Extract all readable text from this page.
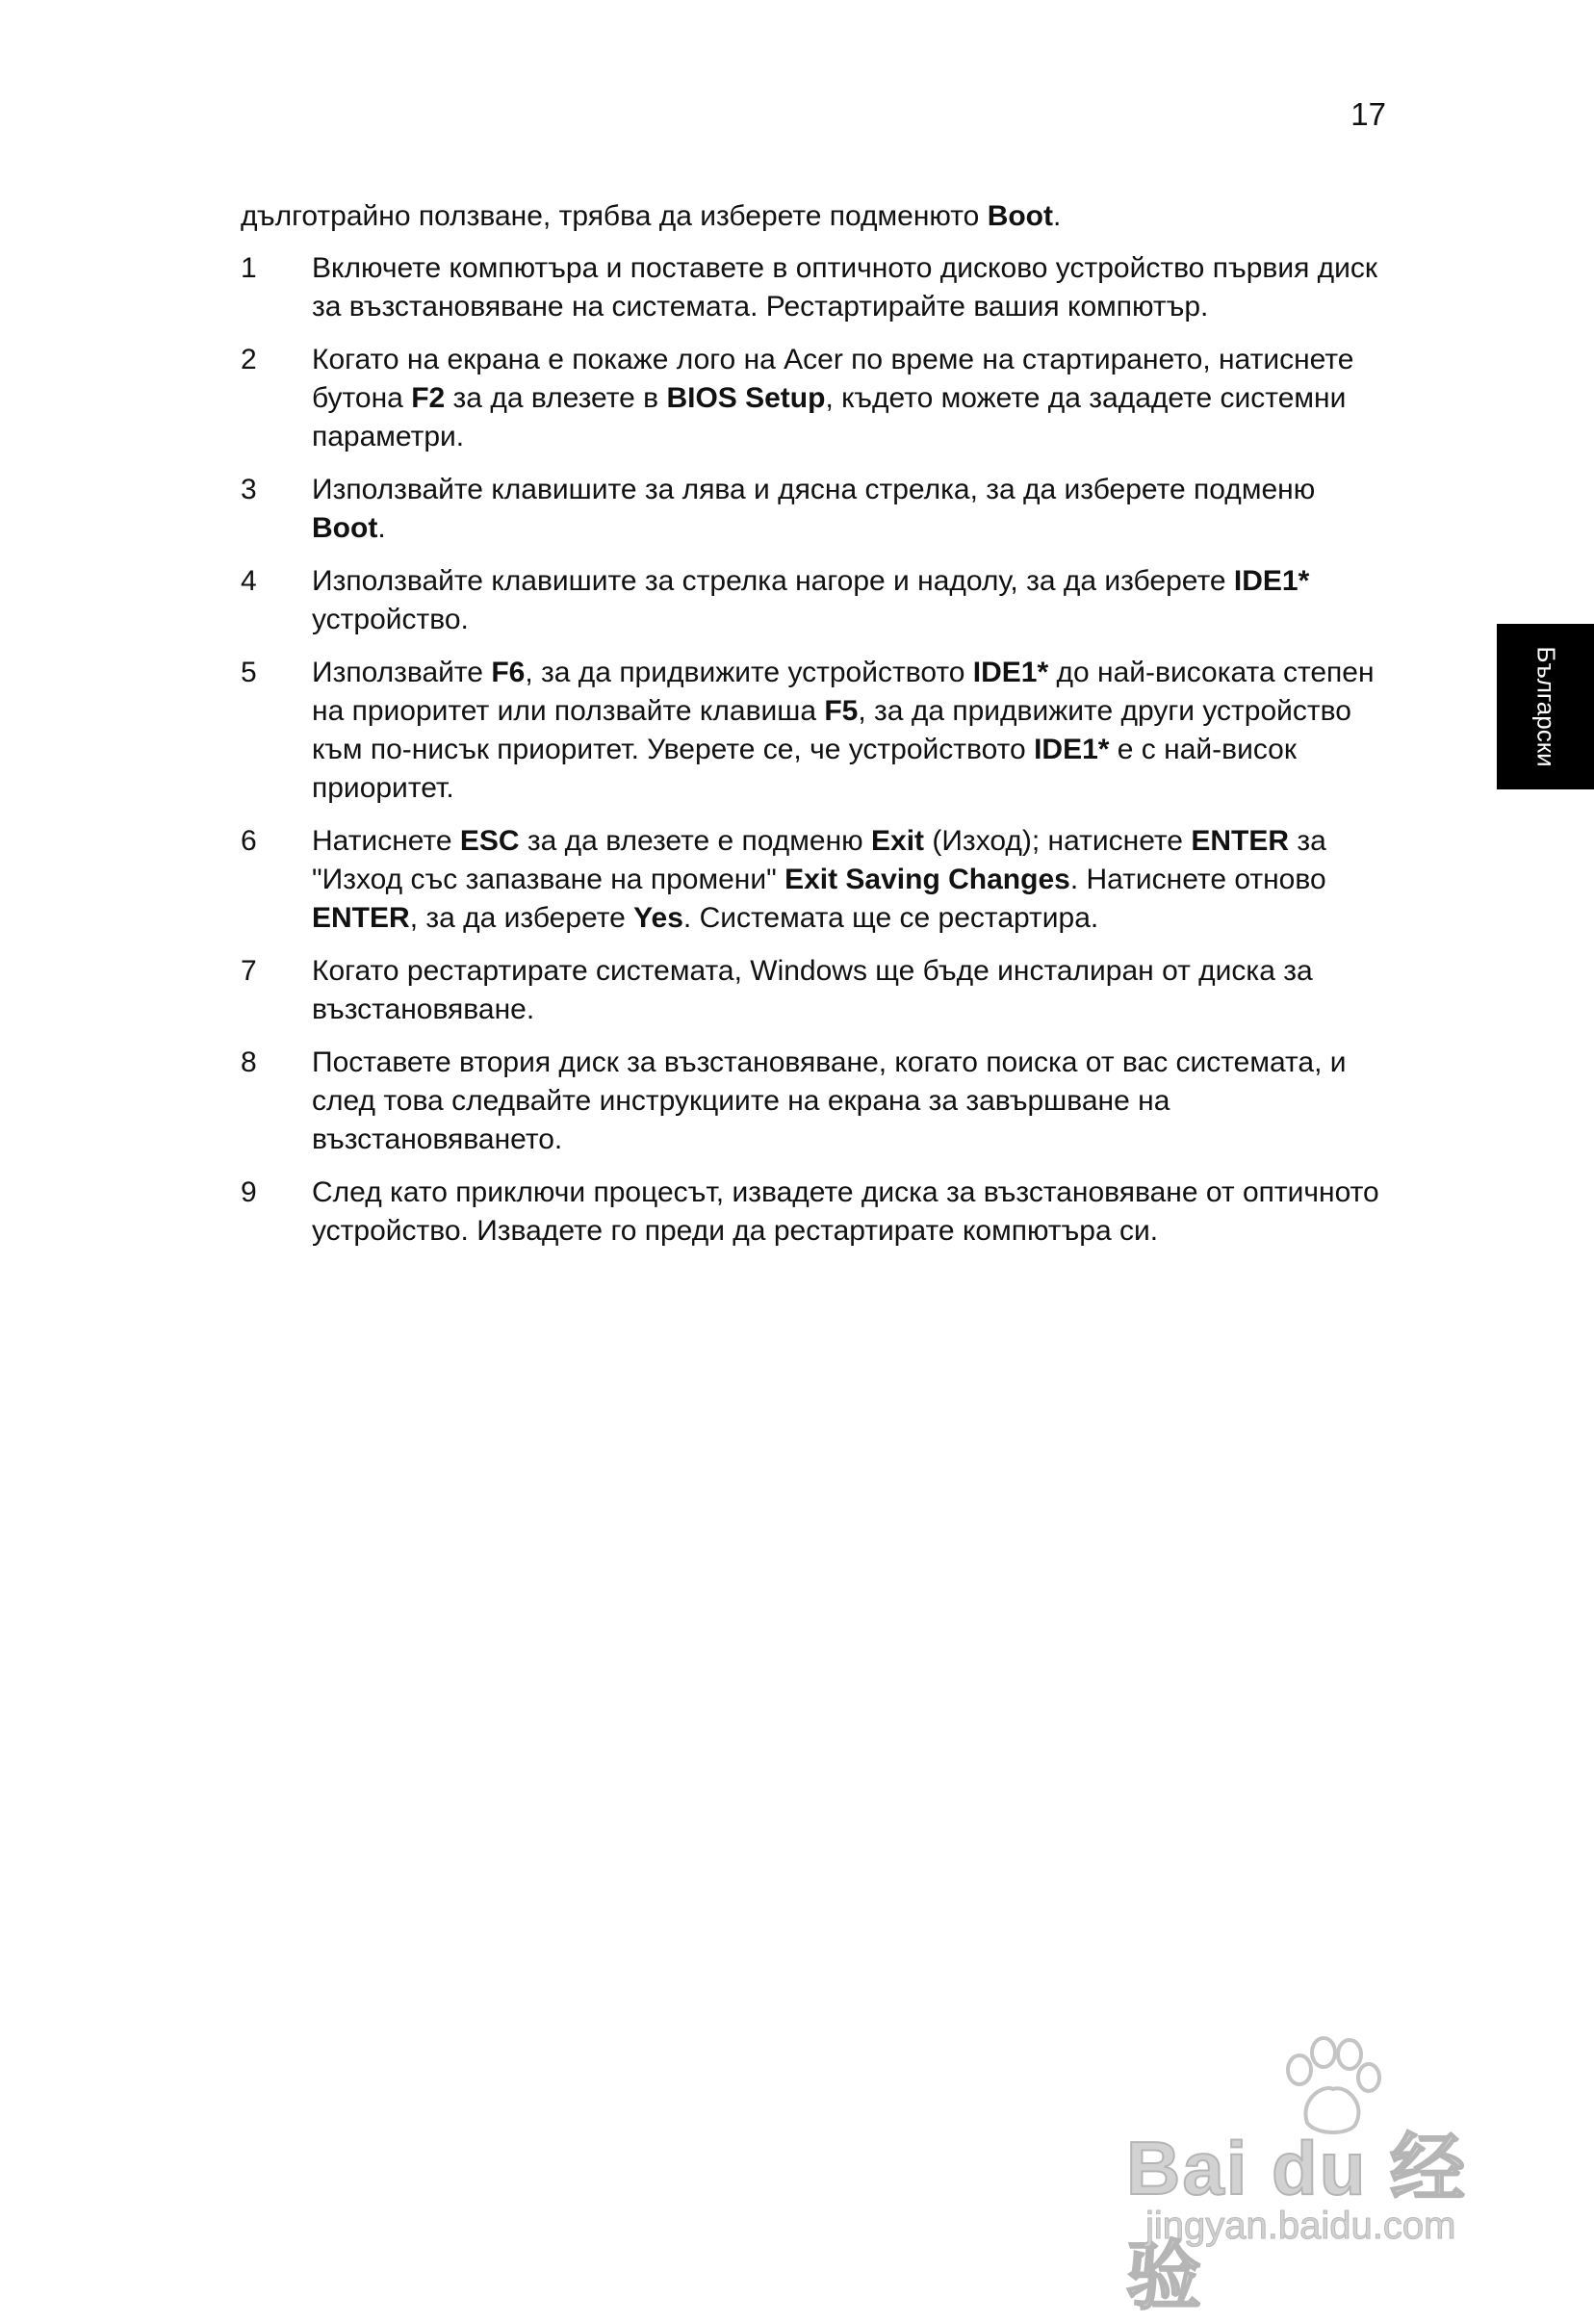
17

дълготрайно ползване, трябва да изберете подменюто Boot.

1	Включете компютъра и поставете в оптичното дисково устройство първия диск за възстановяване на системата. Рестартирайте вашия компютър.
2	Когато на екрана е покаже лого на Acer по време на стартирането, натиснете бутона F2 за да влезете в BIOS Setup, където можете да зададете системни параметри.
3	Използвайте клавишите за лява и дясна стрелка, за да изберете подменю Boot.
4	Използвайте клавишите за стрелка нагоре и надолу, за да изберете IDE1* устройство.
5	Използвайте F6, за да придвижите устройството IDE1* до най-високата степен на приоритет или ползвайте клавиша F5, за да придвижите други устройство към по-нисък приоритет. Уверете се, че устройството IDE1* е с най-висок приоритет.
6	Натиснете ESC за да влезете е подменю Exit (Изход); натиснете ENTER за "Изход със запазване на промени" Exit Saving Changes. Натиснете отново ENTER, за да изберете Yes. Системата ще се рестартира.
7	Когато рестартирате системата, Windows ще бъде инсталиран от диска за възстановяване.
8	Поставете втория диск за възстановяване, когато поиска от вас системата, и след това следвайте инструкциите на екрана за завършване на възстановяването.
9	След като приключи процесът, извадете диска за възстановяване от оптичното устройство. Извадете го преди да рестартирате компютъра си.
Български
Bai du 经验
jingyan.baidu.com
